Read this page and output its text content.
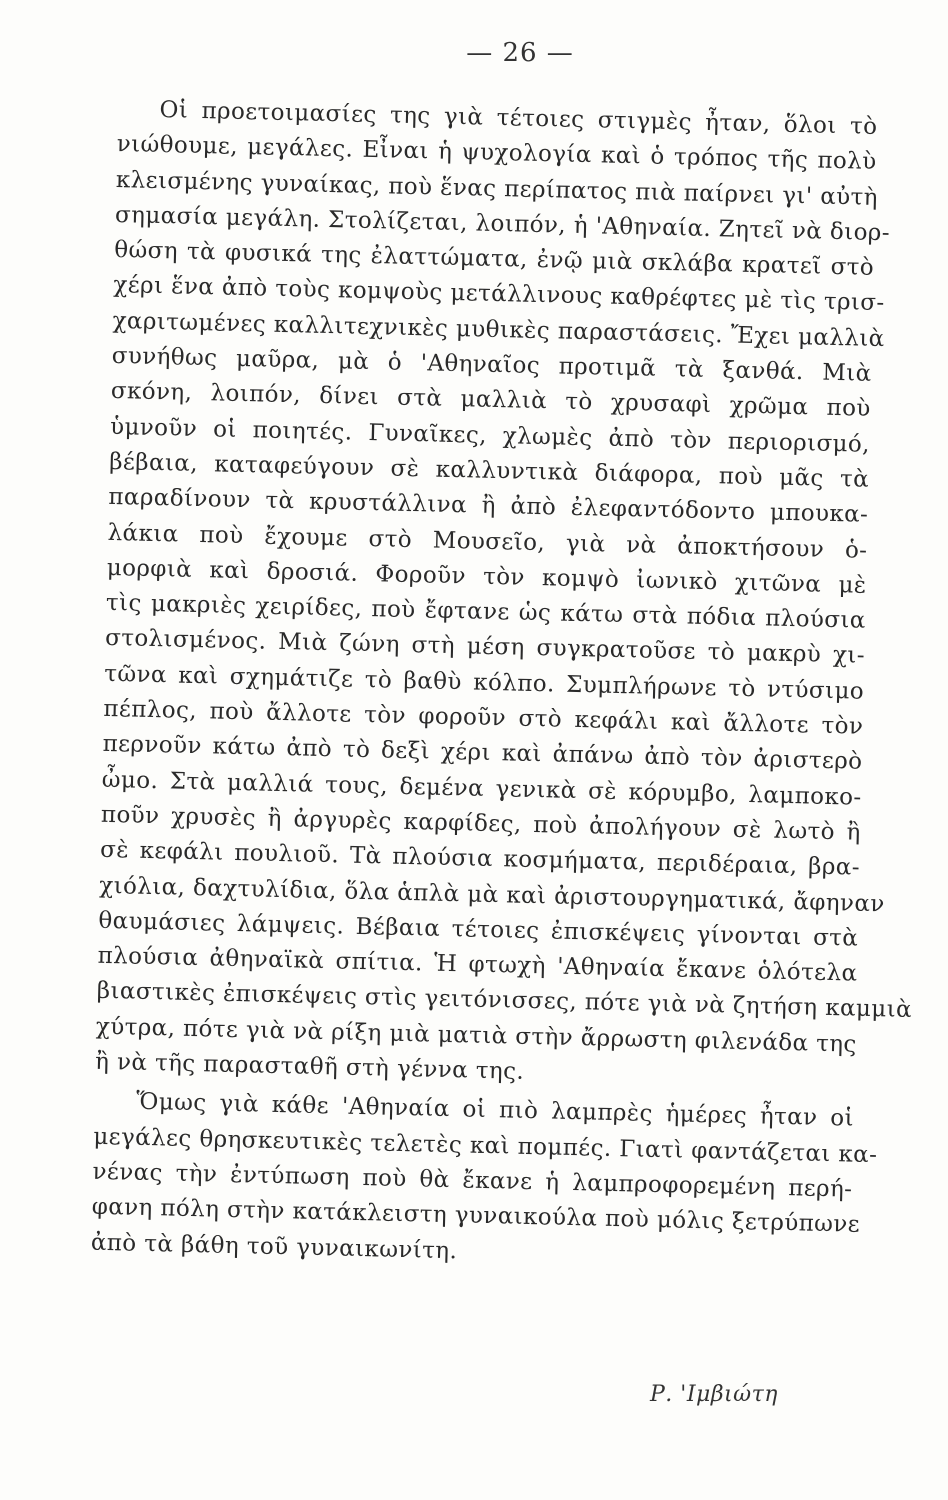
— 26 —

Οἱ προετοιμασίες της γιὰ τέτοιες στιγμὲς ἦταν, ὅλοι τὸ
νιώθουμε, μεγάλες. Εἶναι ἡ ψυχολογία καὶ ὁ τρόπος τῆς πολὺ
κλεισμένης γυναίκας, ποὺ ἕνας περίπατος πιὰ παίρνει γι' αὐτὴ
σημασία μεγάλη. Στολίζεται, λοιπόν, ἡ 'Αθηναία. Ζητεῖ νὰ διορ-
θώση τὰ φυσικά της ἐλαττώματα, ἐνῷ μιὰ σκλάβα κρατεῖ στὸ
χέρι ἕνα ἀπὸ τοὺς κομψοὺς μετάλλινους καθρέφτες μὲ τὶς τρισ-
χαριτωμένες καλλιτεχνικὲς μυθικὲς παραστάσεις. Ἔχει μαλλιὰ
συνήθως μαῦρα, μὰ ὁ 'Αθηναῖος προτιμᾶ τὰ ξανθά. Μιὰ
σκόνη, λοιπόν, δίνει στὰ μαλλιὰ τὸ χρυσαφὶ χρῶμα ποὺ
ὑμνοῦν οἱ ποιητές. Γυναῖκες, χλωμὲς ἀπὸ τὸν περιορισμό,
βέβαια, καταφεύγουν σὲ καλλυντικὰ διάφορα, ποὺ μᾶς τὰ
παραδίνουν τὰ κρυστάλλινα ἢ ἀπὸ ἐλεφαντόδοντο μπουκα-
λάκια ποὺ ἔχουμε στὸ Μουσεῖο, γιὰ νὰ ἀποκτήσουν ὁ-
μορφιὰ καὶ δροσιά. Φοροῦν τὸν κομψὸ ἰωνικὸ χιτῶνα μὲ
τὶς μακριὲς χειρίδες, ποὺ ἔφτανε ὡς κάτω στὰ πόδια πλούσια
στολισμένος. Μιὰ ζώνη στὴ μέση συγκρατοῦσε τὸ μακρὺ χι-
τῶνα καὶ σχημάτιζε τὸ βαθὺ κόλπο. Συμπλήρωνε τὸ ντύσιμο
πέπλος, ποὺ ἄλλοτε τὸν φοροῦν στὸ κεφάλι καὶ ἄλλοτε τὸν
περνοῦν κάτω ἀπὸ τὸ δεξὶ χέρι καὶ ἀπάνω ἀπὸ τὸν ἀριστερὸ
ὦμο. Στὰ μαλλιά τους, δεμένα γενικὰ σὲ κόρυμβο, λαμποκο-
ποῦν χρυσὲς ἢ ἀργυρὲς καρφίδες, ποὺ ἀπολήγουν σὲ λωτὸ ἢ
σὲ κεφάλι πουλιοῦ. Τὰ πλούσια κοσμήματα, περιδέραια, βρα-
χιόλια, δαχτυλίδια, ὅλα ἁπλὰ μὰ καὶ ἀριστουργηματικά, ἄφηναν
θαυμάσιες λάμψεις. Βέβαια τέτοιες ἐπισκέψεις γίνονται στὰ
πλούσια ἀθηναϊκὰ σπίτια. Ἡ φτωχὴ 'Αθηναία ἔκανε ὁλότελα
βιαστικὲς ἐπισκέψεις στὶς γειτόνισσες, πότε γιὰ νὰ ζητήση καμμιὰ
χύτρα, πότε γιὰ νὰ ρίξη μιὰ ματιὰ στὴν ἄρρωστη φιλενάδα της
ἢ νὰ τῆς παρασταθῆ στὴ γέννα της.

Ὅμως γιὰ κάθε 'Αθηναία οἱ πιὸ λαμπρὲς ἡμέρες ἦταν οἱ
μεγάλες θρησκευτικὲς τελετὲς καὶ πομπές. Γιατὶ φαντάζεται κα-
νένας τὴν ἐντύπωση ποὺ θὰ ἔκανε ἡ λαμπροφορεμένη περή-
φανη πόλη στὴν κατάκλειστη γυναικούλα ποὺ μόλις ξετρύπωνε
ἀπὸ τὰ βάθη τοῦ γυναικωνίτη.

Ρ. 'Ιμβιώτη
